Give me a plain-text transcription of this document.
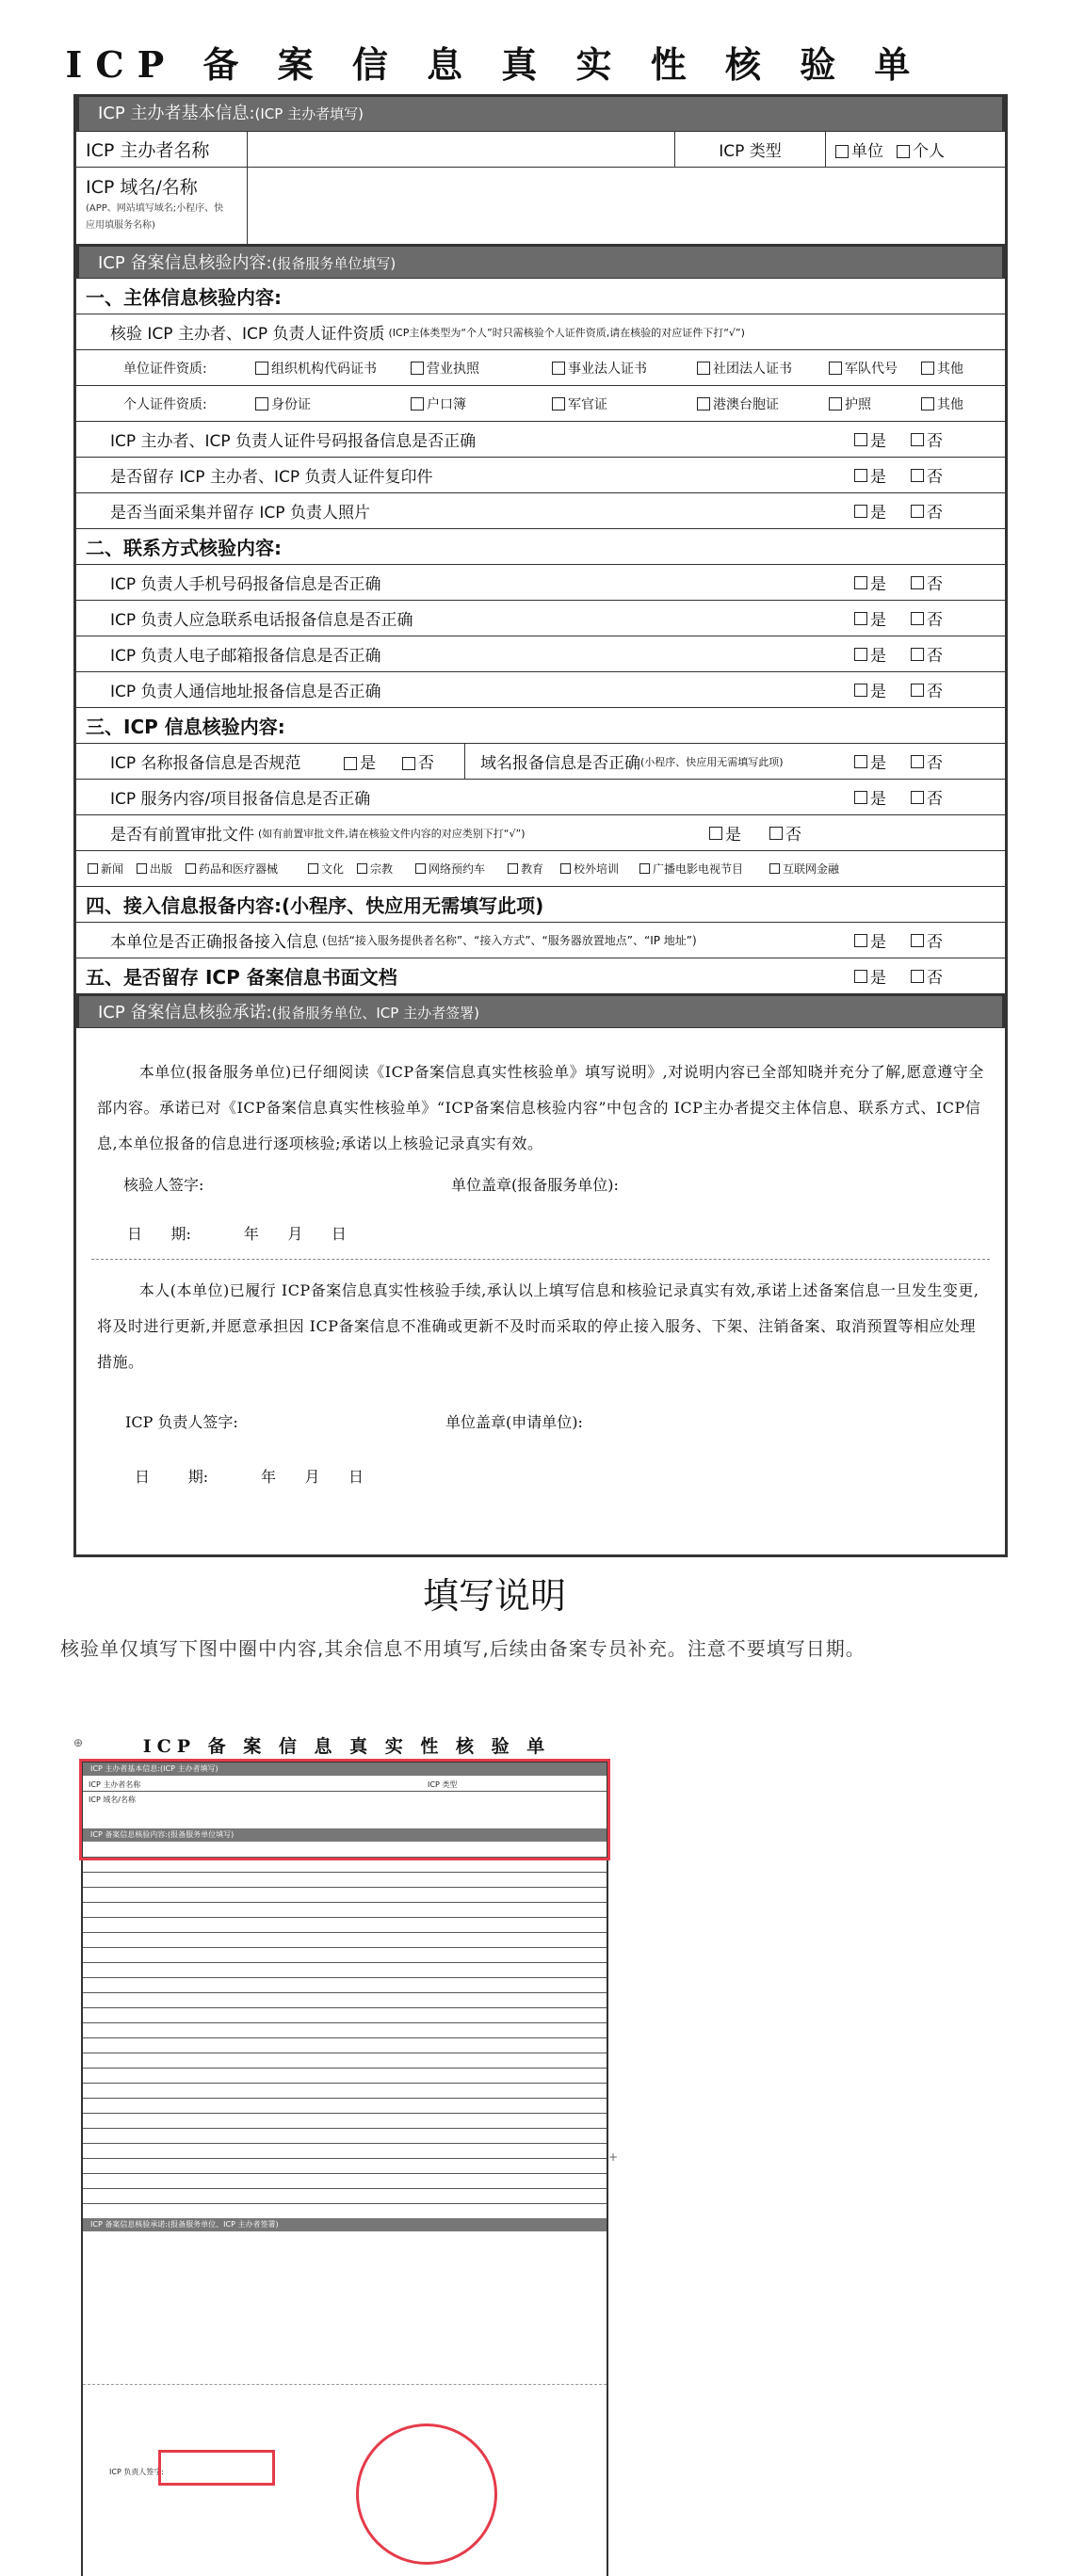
ICP 备 案 信 息 真 实 性 核 验 单
ICP 主办者基本信息:(ICP 主办者填写)
ICP 主办者名称	ICP 类型	单位	个人
ICP 域名/名称
(APP、网站填写域名;小程序、快
应用填服务名称)
ICP 备案信息核验内容:(报备服务单位填写)
一、主体信息核验内容:
核验 ICP 主办者、ICP 负责人证件资质 (ICP主体类型为“个人”时只需核验个人证件资质,请在核验的对应证件下打“√”)
单位证件资质:	组织机构代码证书	营业执照	事业法人证书	社团法人证书	军队代号	其他
个人证件资质:	身份证	户口簿	军官证	港澳台胞证	护照	其他
ICP 主办者、ICP 负责人证件号码报备信息是否正确	是	否
是否留存 ICP 主办者、ICP 负责人证件复印件	是	否
是否当面采集并留存 ICP 负责人照片	是	否
二、联系方式核验内容:
ICP 负责人手机号码报备信息是否正确	是	否
ICP 负责人应急联系电话报备信息是否正确	是	否
ICP 负责人电子邮箱报备信息是否正确	是	否
ICP 负责人通信地址报备信息是否正确	是	否
三、ICP 信息核验内容:
ICP 名称报备信息是否规范	是	否	域名报备信息是否正确 (小程序、快应用无需填写此项)	是	否
ICP 服务内容/项目报备信息是否正确	是	否
是否有前置审批文件 (如有前置审批文件,请在核验文件内容的对应类别下打“√”)	是	否
新闻 出版 药品和医疗器械	文化 宗教	网络预约车	教育	校外培训	广播电影电视节目	互联网金融
四、接入信息报备内容:(小程序、快应用无需填写此项)
本单位是否正确报备接入信息 (包括“接入服务提供者名称”、“接入方式”、“服务器放置地点”、“IP 地址”)	是	否
五、是否留存 ICP 备案信息书面文档	是	否
ICP 备案信息核验承诺:(报备服务单位、ICP 主办者签署)

本单位(报备服务单位)已仔细阅读《ICP备案信息真实性核验单》填写说明》,对说明内容已全部知晓并充分了解,愿意遵守全部内容。承诺已对《ICP备案信息真实性核验单》“ICP备案信息核验内容”中包含的 ICP主办者提交主体信息、联系方式、ICP信息,本单位报备的信息进行逐项核验;承诺以上核验记录真实有效。

核验人签字:	单位盖章(报备服务单位):
日      期:           年      月      日

本人(本单位)已履行 ICP备案信息真实性核验手续,承认以上填写信息和核验记录真实有效,承诺上述备案信息一旦发生变更,将及时进行更新,并愿意承担因 ICP备案信息不准确或更新不及时而采取的停止接入服务、下架、注销备案、取消预置等相应处理措施。

ICP 负责人签字:	单位盖章(申请单位):
日        期:           年      月      日
填写说明
核验单仅填写下图中圈中内容,其余信息不用填写,后续由备案专员补充。注意不要填写日期。
⊕	ICP 备 案 信 息 真 实 性 核 验 单
ICP 主办者基本信息:(ICP 主办者填写)
ICP 主办者名称	ICP 类型
ICP 域名/名称
ICP 备案信息核验内容:(报备服务单位填写)
ICP 备案信息核验承诺:(报备服务单位、ICP 主办者签署)
ICP 负责人签字:
+
